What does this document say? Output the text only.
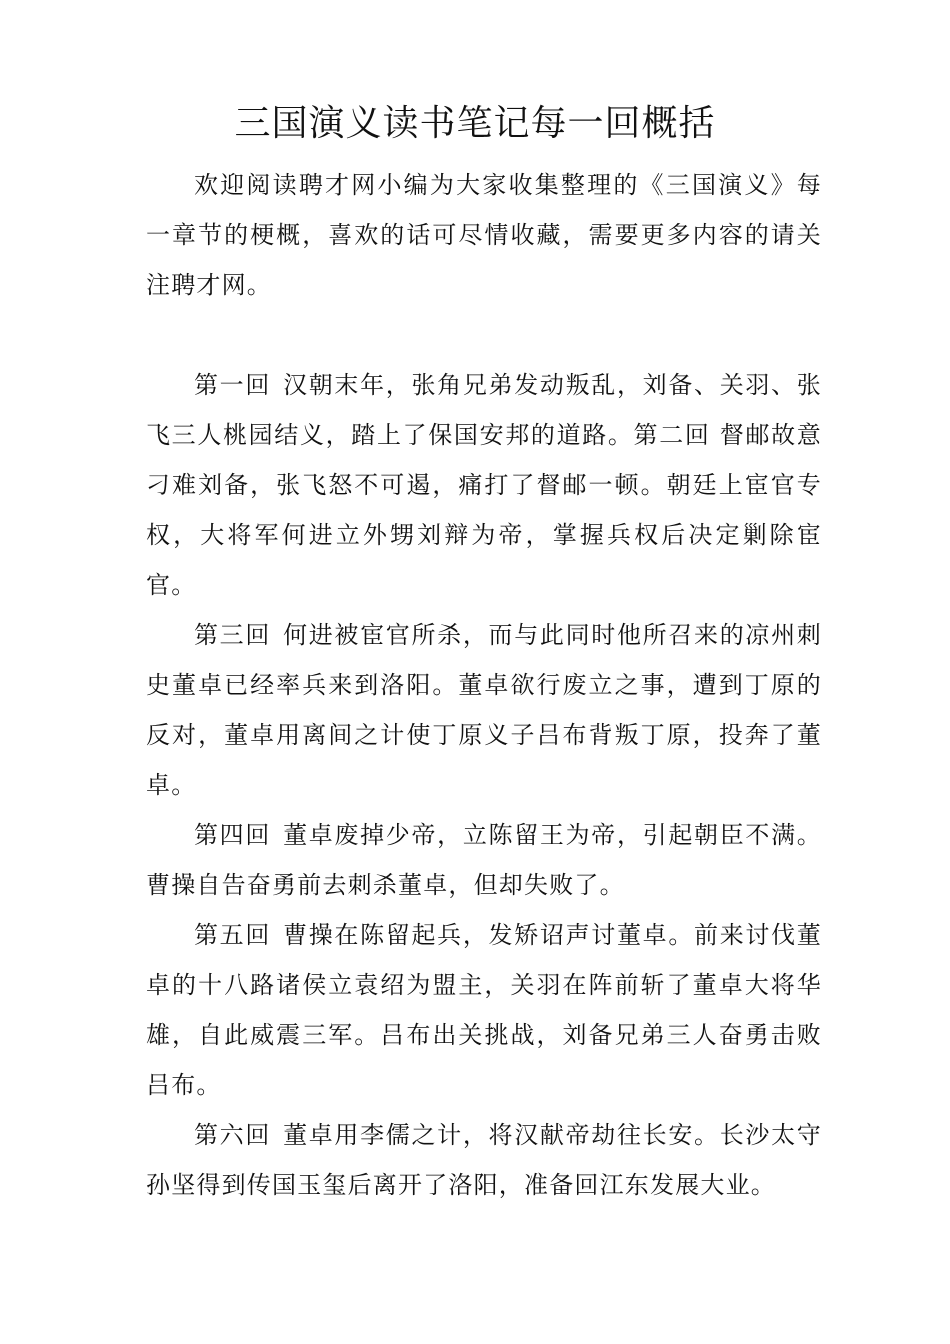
三国演义读书笔记每一回概括

欢迎阅读聘才网小编为大家收集整理的《三国演义》每一章节的梗概，喜欢的话可尽情收藏，需要更多内容的请关注聘才网。

第一回 汉朝末年，张角兄弟发动叛乱，刘备、关羽、张飞三人桃园结义，踏上了保国安邦的道路。第二回 督邮故意刁难刘备，张飞怒不可遏，痛打了督邮一顿。朝廷上宦官专权，大将军何进立外甥刘辩为帝，掌握兵权后决定剿除宦官。

第三回 何进被宦官所杀，而与此同时他所召来的凉州刺史董卓已经率兵来到洛阳。董卓欲行废立之事，遭到丁原的反对，董卓用离间之计使丁原义子吕布背叛丁原，投奔了董卓。

第四回 董卓废掉少帝，立陈留王为帝，引起朝臣不满。曹操自告奋勇前去刺杀董卓，但却失败了。

第五回 曹操在陈留起兵，发矫诏声讨董卓。前来讨伐董卓的十八路诸侯立袁绍为盟主，关羽在阵前斩了董卓大将华雄，自此威震三军。吕布出关挑战，刘备兄弟三人奋勇击败吕布。

第六回 董卓用李儒之计，将汉献帝劫往长安。长沙太守孙坚得到传国玉玺后离开了洛阳，准备回江东发展大业。
